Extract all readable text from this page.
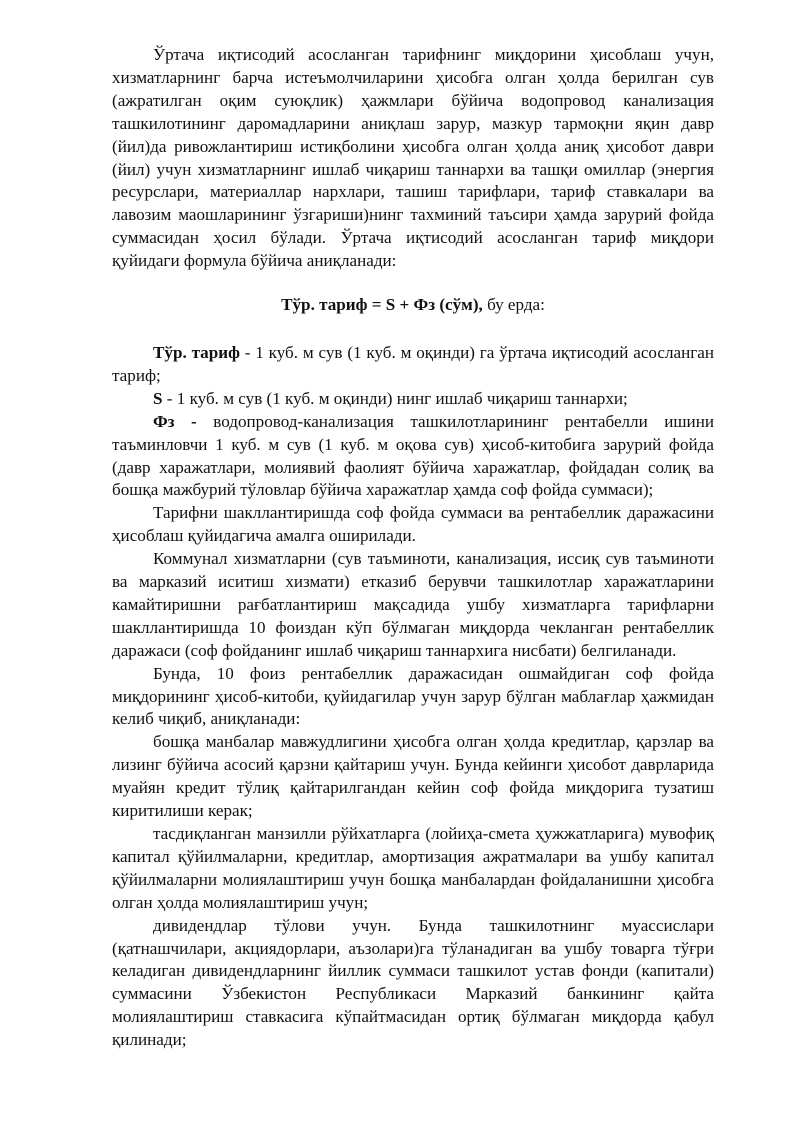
Ўртача иқтисодий асосланган тарифнинг миқдорини ҳисоблаш учун, хизматларнинг барча истеъмолчиларини ҳисобга олган ҳолда берилган сув (ажратилган оқим суюқлик) ҳажмлари бўйича водопровод канализация ташкилотининг даромадларини аниқлаш зарур, мазкур тармоқни яқин давр (йил)да ривожлантириш истиқболини ҳисобга олган ҳолда аниқ ҳисобот даври (йил) учун хизматларнинг ишлаб чиқариш таннархи ва ташқи омиллар (энергия ресурслари, материаллар нархлари, ташиш тарифлари, тариф ставкалари ва лавозим маошларининг ўзгариши)нинг тахминий таъсири ҳамда зарурий фойда суммасидан ҳосил бўлади. Ўртача иқтисодий асосланган тариф миқдори қуйидаги формула бўйича аниқланади:

Тўр. тариф = S + Фз (сўм), бу ерда:

Тўр. тариф - 1 куб. м сув (1 куб. м оқинди) га ўртача иқтисодий асосланган тариф;

S - 1 куб. м сув (1 куб. м оқинди) нинг ишлаб чиқариш таннархи;

Фз - водопровод-канализация ташкилотларининг рентабелли ишини таъминловчи 1 куб. м сув (1 куб. м оқова сув) ҳисоб-китобига зарурий фойда (давр харажатлари, молиявий фаолият бўйича харажатлар, фойдадан солиқ ва бошқа мажбурий тўловлар бўйича харажатлар ҳамда соф фойда суммаси);

Тарифни шакллантиришда соф фойда суммаси ва рентабеллик даражасини ҳисоблаш қуйидагича амалга оширилади.

Коммунал хизматларни (сув таъминоти, канализация, иссиқ сув таъминоти ва марказий иситиш хизмати) етказиб берувчи ташкилотлар харажатларини камайтиришни рағбатлантириш мақсадида ушбу хизматларга тарифларни шакллантиришда 10 фоиздан кўп бўлмаган миқдорда чекланган рентабеллик даражаси (соф фойданинг ишлаб чиқариш таннархига нисбати) белгиланади.

Бунда, 10 фоиз рентабеллик даражасидан ошмайдиган соф фойда миқдорининг ҳисоб-китоби, қуйидагилар учун зарур бўлган маблағлар ҳажмидан келиб чиқиб, аниқланади:

бошқа манбалар мавжудлигини ҳисобга олган ҳолда кредитлар, қарзлар ва лизинг бўйича асосий қарзни қайтариш учун. Бунда кейинги ҳисобот даврларида муайян кредит тўлиқ қайтарилгандан кейин соф фойда миқдорига тузатиш киритилиши керак;

тасдиқланган манзилли рўйхатларга (лойиҳа-смета ҳужжатларига) мувофиқ капитал қўйилмаларни, кредитлар, амортизация ажратмалари ва ушбу капитал қўйилмаларни молиялаштириш учун бошқа манбалардан фойдаланишни ҳисобга олган ҳолда молиялаштириш учун;

дивидендлар тўлови учун. Бунда ташкилотнинг муассислари (қатнашчилари, акциядорлари, аъзолари)га тўланадиган ва ушбу товарга тўғри келадиган дивидендларнинг йиллик суммаси ташкилот устав фонди (капитали) суммасини Ўзбекистон Республикаси Марказий банкининг қайта молиялаштириш ставкасига кўпайтмасидан ортиқ бўлмаган миқдорда қабул қилинади;
